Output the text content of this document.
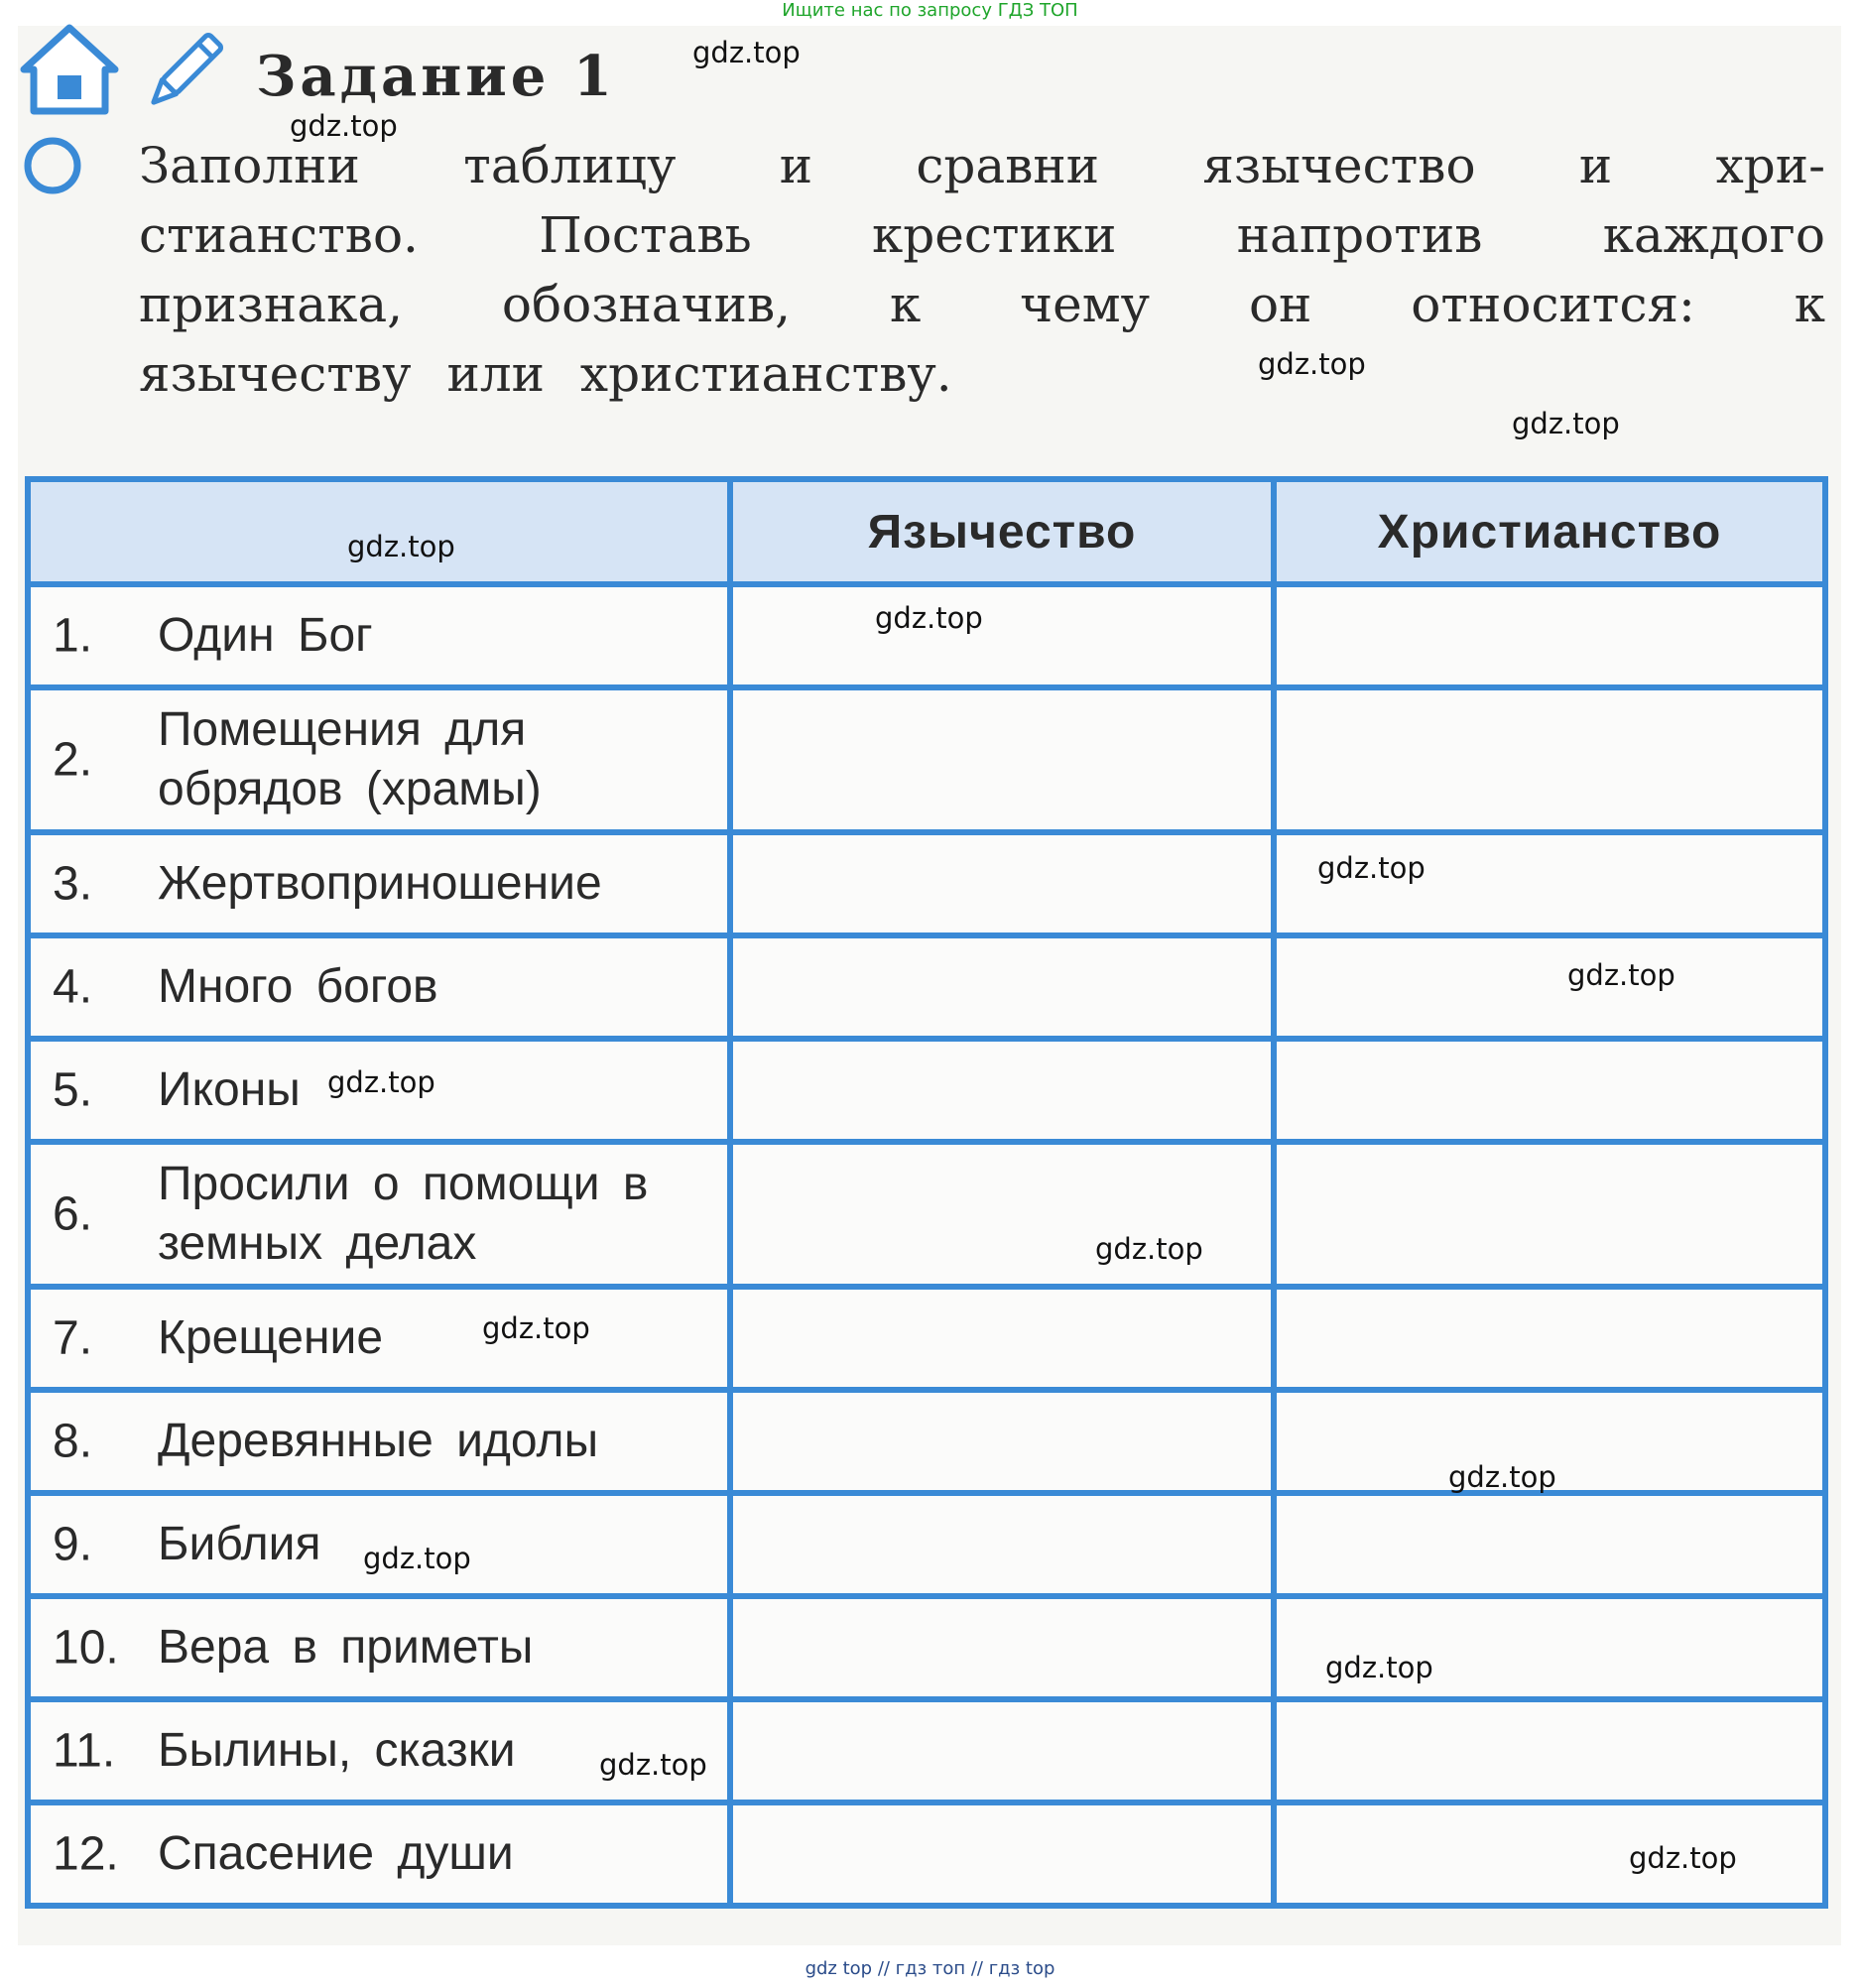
Ищите нас по запросу ГДЗ ТОП
Задание 1
Заполни таблицу и сравни язычество и хри-
стианство. Поставь крестики напротив каждого
признака, обозначив, к чему он относится: к
язычеству или христианству.
	Язычество	Христианство

1. Один Бог		

2.
Помещения для обрядов (храмы)		

3. Жертвоприношение		

4. Много богов		

5. Иконы		

6.
Просили о помощи в земных делах		

7. Крещение		

8. Деревянные идолы		

9. Библия		

10. Вера в приметы		

11. Былины, сказки		

12. Спасение души		

gdz.top
gdz.top
gdz.top
gdz.top
gdz.top
gdz.top
gdz.top
gdz.top
gdz.top
gdz.top
gdz.top
gdz.top
gdz.top
gdz.top
gdz.top
gdz.top
gdz top // гдз топ // гдз top
